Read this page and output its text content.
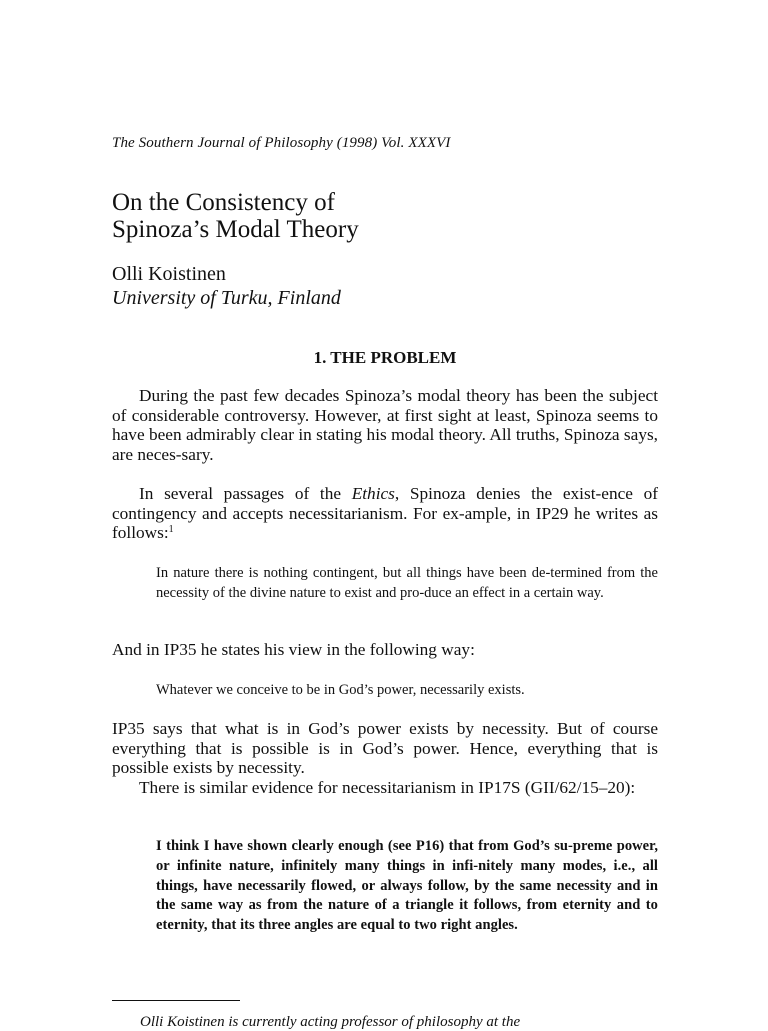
The Southern Journal of Philosophy (1998) Vol. XXXVI
On the Consistency of
Spinoza’s Modal Theory
Olli Koistinen
University of Turku, Finland
1. THE PROBLEM

During the past few decades Spinoza’s modal theory has been the subject of considerable controversy. However, at first sight at least, Spinoza seems to have been admirably clear in stating his modal theory. All truths, Spinoza says, are neces-sary.

In several passages of the Ethics, Spinoza denies the exist-ence of contingency and accepts necessitarianism. For ex-ample, in IP29 he writes as follows:$^1$

In nature there is nothing contingent, but all things have been de-termined from the necessity of the divine nature to exist and pro-duce an effect in a certain way.

And in IP35 he states his view in the following way:

Whatever we conceive to be in God’s power, necessarily exists.

IP35 says that what is in God’s power exists by necessity. But of course everything that is possible is in God’s power. Hence, everything that is possible exists by necessity.

There is similar evidence for necessitarianism in IP17S (GII/62/15–20):

I think I have shown clearly enough (see P16) that from God’s su-preme power, or infinite nature, infinitely many things in infi-nitely many modes, i.e., all things, have necessarily flowed, or always follow, by the same necessity and in the same way as from the nature of a triangle it follows, from eternity and to eternity, that its three angles are equal to two right angles.

Olli Koistinen is currently acting professor of philosophy at the
